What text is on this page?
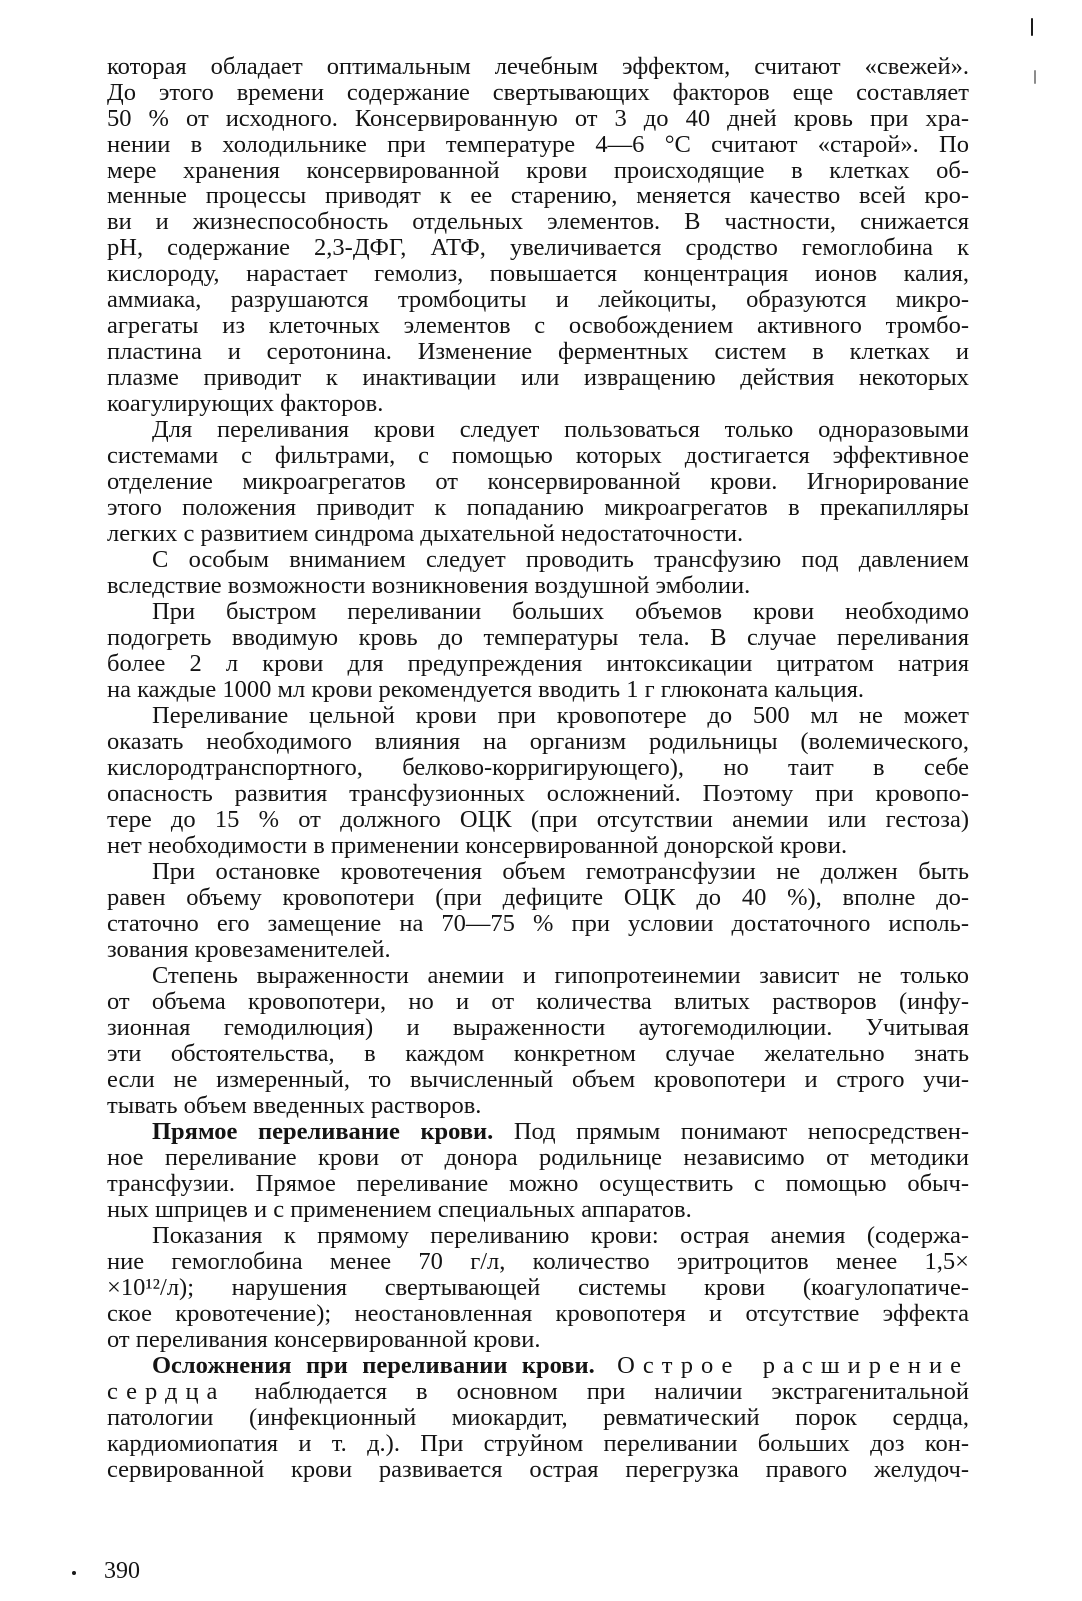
которая обладает оптимальным лечебным эффектом, считают «свежей».
До этого времени содержание свертывающих факторов еще составляет
50 % от исходного. Консервированную от 3 до 40 дней кровь при хра-
нении в холодильнике при температуре 4—6 °С считают «старой». По
мере хранения консервированной крови происходящие в клетках об-
менные процессы приводят к ее старению, меняется качество всей кро-
ви и жизнеспособность отдельных элементов. В частности, снижается
pH, содержание 2,3-ДФГ, АТФ, увеличивается сродство гемоглобина к
кислороду, нарастает гемолиз, повышается концентрация ионов калия,
аммиака, разрушаются тромбоциты и лейкоциты, образуются микро-
агрегаты из клеточных элементов с освобождением активного тромбо-
пластина и серотонина. Изменение ферментных систем в клетках и
плазме приводит к инактивации или извращению действия некоторых
коагулирующих факторов.
Для переливания крови следует пользоваться только одноразовыми
системами с фильтрами, с помощью которых достигается эффективное
отделение микроагрегатов от консервированной крови. Игнорирование
этого положения приводит к попаданию микроагрегатов в прекапилляры
легких с развитием синдрома дыхательной недостаточности.
С особым вниманием следует проводить трансфузию под давлением
вследствие возможности возникновения воздушной эмболии.
При быстром переливании больших объемов крови необходимо
подогреть вводимую кровь до температуры тела. В случае переливания
более 2 л крови для предупреждения интоксикации цитратом натрия
на каждые 1000 мл крови рекомендуется вводить 1 г глюконата кальция.
Переливание цельной крови при кровопотере до 500 мл не может
оказать необходимого влияния на организм родильницы (волемического,
кислородтранспортного, белково-корригирующего), но таит в себе
опасность развития трансфузионных осложнений. Поэтому при кровопо-
тере до 15 % от должного ОЦК (при отсутствии анемии или гестоза)
нет необходимости в применении консервированной донорской крови.
При остановке кровотечения объем гемотрансфузии не должен быть
равен объему кровопотери (при дефиците ОЦК до 40 %), вполне до-
статочно его замещение на 70—75 % при условии достаточного исполь-
зования кровезаменителей.
Степень выраженности анемии и гипопротеинемии зависит не только
от объема кровопотери, но и от количества влитых растворов (инфу-
зионная гемодилюция) и выраженности аутогемодилюции. Учитывая
эти обстоятельства, в каждом конкретном случае желательно знать
если не измеренный, то вычисленный объем кровопотери и строго учи-
тывать объем введенных растворов.
Прямое переливание крови. Под прямым понимают непосредствен-
ное переливание крови от донора родильнице независимо от методики
трансфузии. Прямое переливание можно осуществить с помощью обыч-
ных шприцев и с применением специальных аппаратов.
Показания к прямому переливанию крови: острая анемия (содержа-
ние гемоглобина менее 70 г/л, количество эритроцитов менее 1,5×
×10¹²/л); нарушения свертывающей системы крови (коагулопатиче-
ское кровотечение); неостановленная кровопотеря и отсутствие эффекта
от переливания консервированной крови.
Осложнения при переливании крови. Острое расширение
сердца наблюдается в основном при наличии экстрагенитальной
патологии (инфекционный миокардит, ревматический порок сердца,
кардиомиопатия и т. д.). При струйном переливании больших доз кон-
сервированной крови развивается острая перегрузка правого желудоч-
390
